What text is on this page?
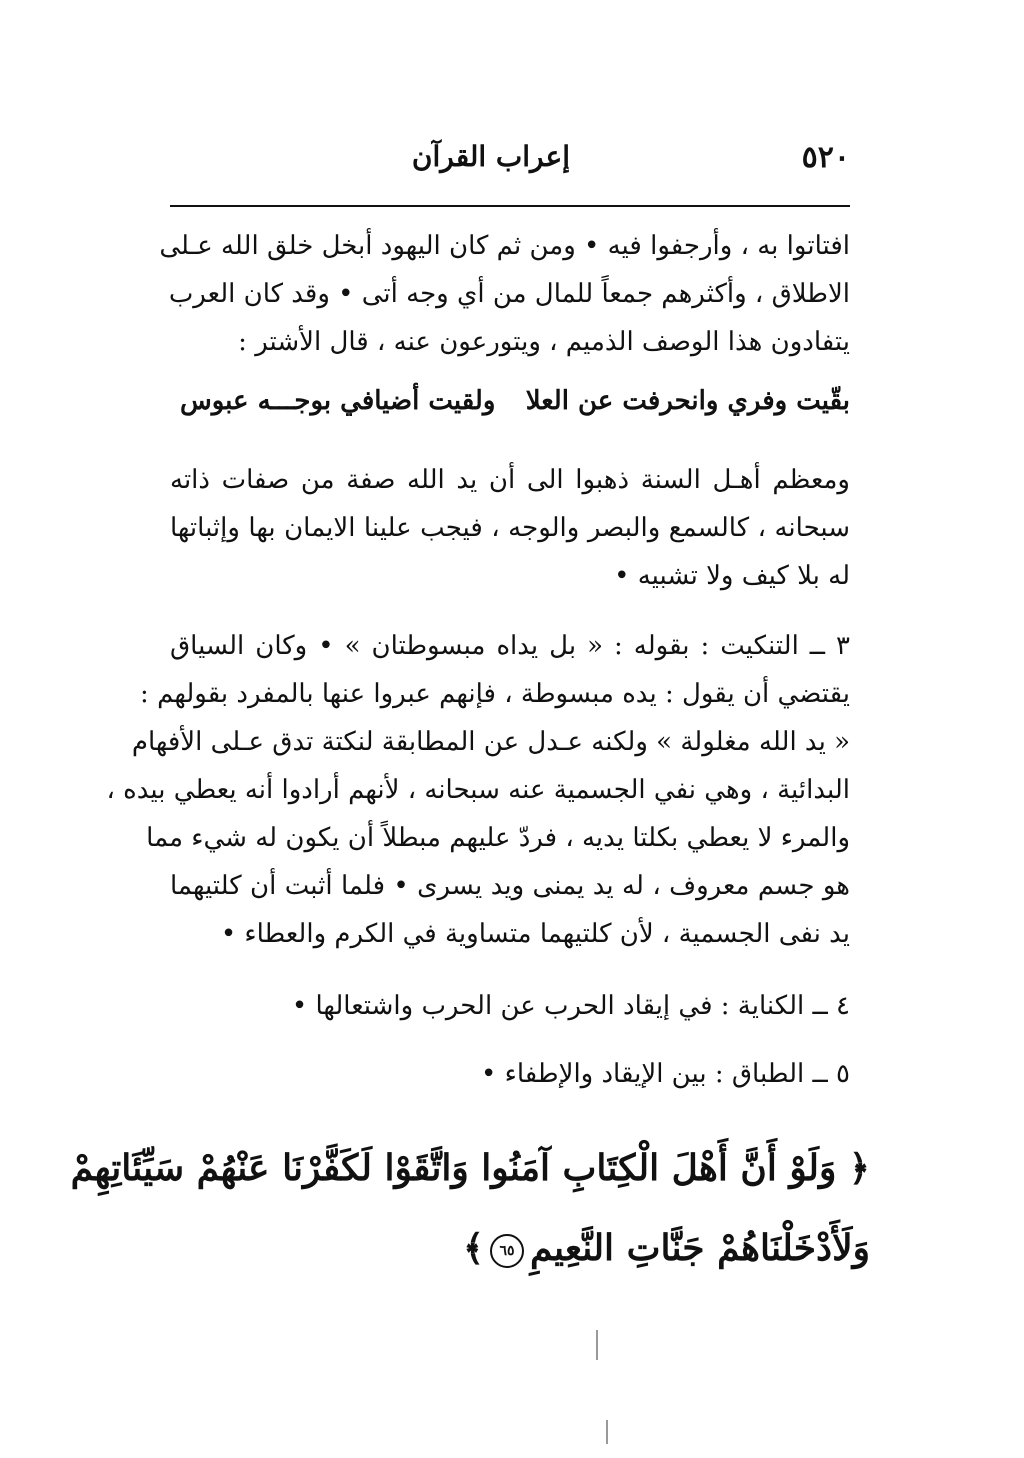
٥٢٠
إعراب القرآن
افتاتوا به ، وأرجفوا فيه • ومن ثم كان اليهود أبخل خلق الله عـلى
الاطلاق ، وأكثرهم جمعاً للمال من أي وجه أتى • وقد كان العرب
يتفادون هذا الوصف الذميم ، ويتورعون عنه ، قال الأشتر :
بقّيت وفري وانحرفت عن العلا
ولقيت أضيافي بوجـــه عبوس
ومعظم أهـل السنة ذهبوا الى أن يد الله صفة من صفات ذاته
سبحانه ، كالسمع والبصر والوجه ، فيجب علينا الايمان بها وإثباتها
له بلا كيف ولا تشبيه •
٣ ــ التنكيت : بقوله : « بل يداه مبسوطتان » • وكان السياق
يقتضي أن يقول : يده مبسوطة ، فإنهم عبروا عنها بالمفرد بقولهم :
« يد الله مغلولة » ولكنه عـدل عن المطابقة لنكتة تدق عـلى الأفهام
البدائية ، وهي نفي الجسمية عنه سبحانه ، لأنهم أرادوا أنه يعطي بيده ،
والمرء لا يعطي بكلتا يديه ، فردّ عليهم مبطلاً أن يكون له شيء مما
هو جسم معروف ، له يد يمنى ويد يسرى • فلما أثبت أن كلتيهما
يد نفى الجسمية ، لأن كلتيهما متساوية في الكرم والعطاء •
٤ ــ الكناية : في إيقاد الحرب عن الحرب واشتعالها •
٥ ــ الطباق : بين الإيقاد والإطفاء •
﴿ وَلَوْ أَنَّ أَهْلَ الْكِتَابِ آمَنُوا وَاتَّقَوْا لَكَفَّرْنَا عَنْهُمْ سَيِّئَاتِهِمْ
وَلَأَدْخَلْنَاهُمْ جَنَّاتِ النَّعِيمِ٦٥﴾
